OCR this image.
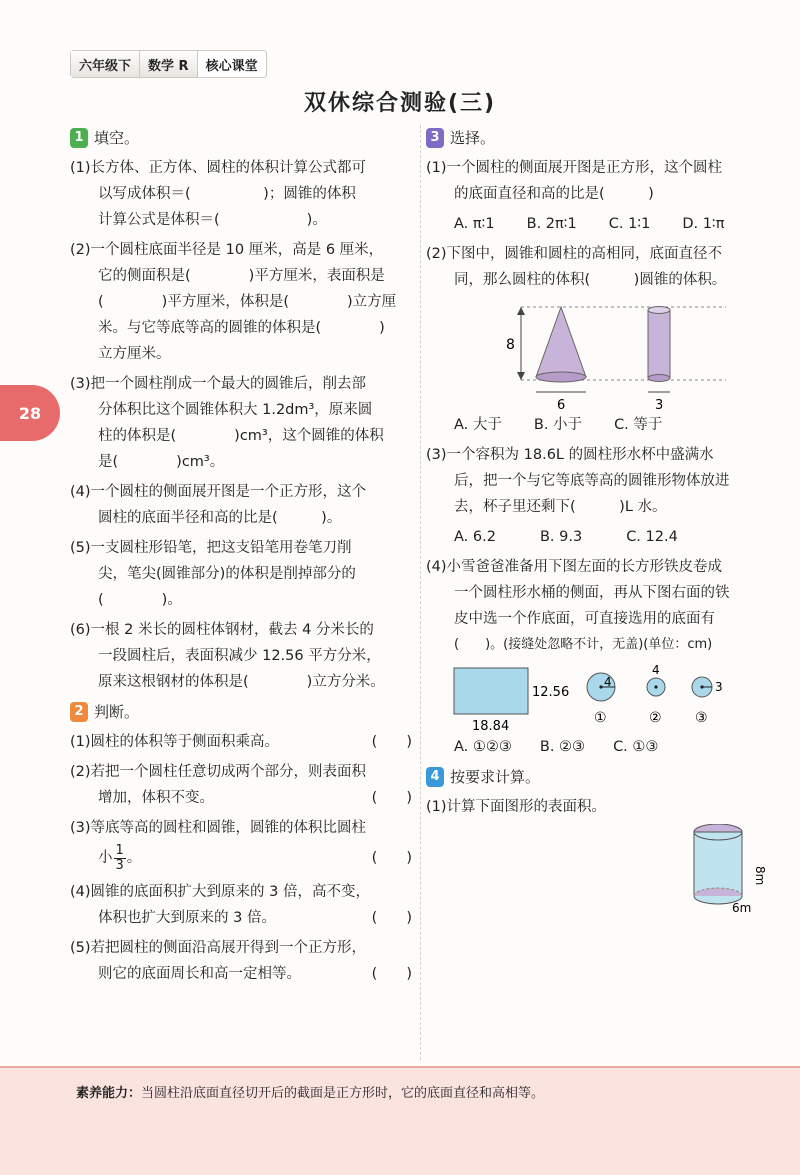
六年级下	数学 R	核心课堂
双休综合测验(三)
28
1 填空。

(1)长方体、正方体、圆柱的体积计算公式都可

以写成体积＝(　　　　　)；圆锥的体积

计算公式是体积＝(　　　　　　)。

(2)一个圆柱底面半径是 10 厘米，高是 6 厘米，

它的侧面积是(　　　　)平方厘米，表面积是

(　　　　)平方厘米，体积是(　　　　)立方厘

米。与它等底等高的圆锥的体积是(　　　　)

立方厘米。

(3)把一个圆柱削成一个最大的圆锥后，削去部

分体积比这个圆锥体积大 1.2dm³，原来圆

柱的体积是(　　　　)cm³，这个圆锥的体积

是(　　　　)cm³。

(4)一个圆柱的侧面展开图是一个正方形，这个

圆柱的底面半径和高的比是(　　　)。

(5)一支圆柱形铅笔，把这支铅笔用卷笔刀削

尖，笔尖(圆锥部分)的体积是削掉部分的

(　　　　)。

(6)一根 2 米长的圆柱体钢材，截去 4 分米长的

一段圆柱后，表面积减少 12.56 平方分米，

原来这根钢材的体积是(　　　　)立方分米。

2 判断。
(1)圆柱的体积等于侧面积乘高。	(　　)

(2)若把一个圆柱任意切成两个部分，则表面积

增加，体积不变。	(　　)

(3)等底等高的圆柱和圆锥，圆锥的体积比圆柱

小 $\frac{1}{3}$ 。	(　　)

(4)圆锥的底面积扩大到原来的 3 倍，高不变，

体积也扩大到原来的 3 倍。	(　　)

(5)若把圆柱的侧面沿高展开得到一个正方形，

则它的底面周长和高一定相等。	(　　)

3 选择。

(1)一个圆柱的侧面展开图是正方形，这个圆柱

的底面直径和高的比是(　　　)

A. π∶1 B. 2π∶1 C. 1∶1 D. 1∶π

(2)下图中，圆锥和圆柱的高相同，底面直径不

同，那么圆柱的体积(　　　)圆锥的体积。

8
6	3
A. 大于 B. 小于 C. 等于

(3)一个容积为 18.6L 的圆柱形水杯中盛满水

后，把一个与它等底等高的圆锥形物体放进

去，杯子里还剩下(　　　)L 水。

A. 6.2	B. 9.3	C. 12.4

(4)小雪爸爸准备用下图左面的长方形铁皮卷成

一个圆柱形水桶的侧面，再从下图右面的铁

皮中选一个作底面，可直接选用的底面有

(　　)。(接缝处忽略不计，无盖)(单位：cm)

12.56
18.84
4
①
4
②
3
③
A. ①②③ B. ②③ C. ①③
4 按要求计算。

(1)计算下面图形的表面积。

8m
6m
素养能力：当圆柱沿底面直径切开后的截面是正方形时，它的底面直径和高相等。
